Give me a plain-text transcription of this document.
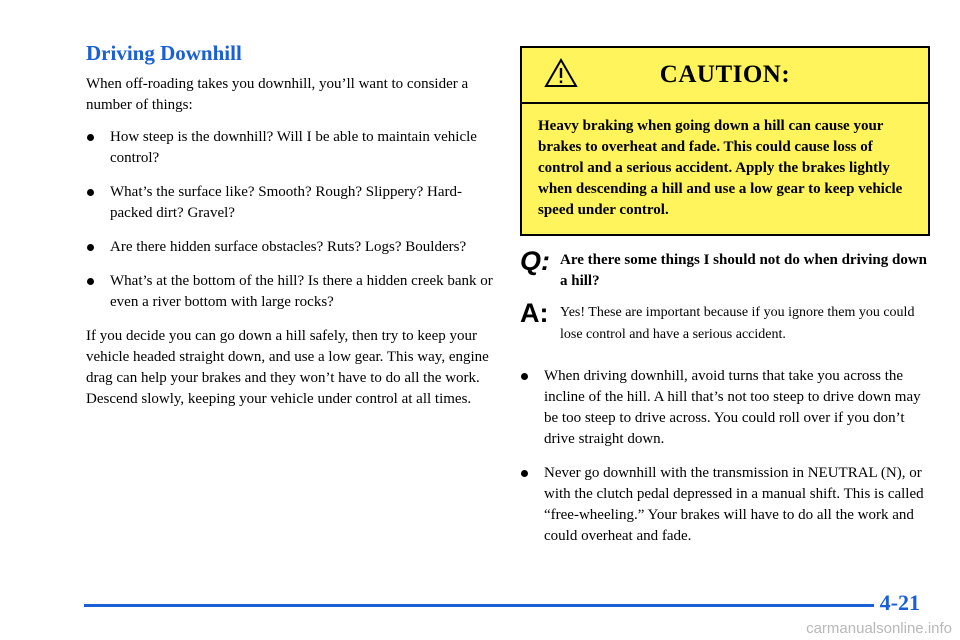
Driving Downhill

When off-roading takes you downhill, you’ll want to consider a number of things:

How steep is the downhill? Will I be able to maintain vehicle control?
What’s the surface like? Smooth? Rough? Slippery? Hard-packed dirt? Gravel?
Are there hidden surface obstacles? Ruts? Logs? Boulders?
What’s at the bottom of the hill? Is there a hidden creek bank or even a river bottom with large rocks?

If you decide you can go down a hill safely, then try to keep your vehicle headed straight down, and use a low gear. This way, engine drag can help your brakes and they won’t have to do all the work. Descend slowly, keeping your vehicle under control at all times.

CAUTION:
Heavy braking when going down a hill can cause your brakes to overheat and fade. This could cause loss of control and a serious accident. Apply the brakes lightly when descending a hill and use a low gear to keep vehicle speed under control.
Q: Are there some things I should not do when driving down a hill?
A: Yes! These are important because if you ignore them you could lose control and have a serious accident.
When driving downhill, avoid turns that take you across the incline of the hill. A hill that’s not too steep to drive down may be too steep to drive across. You could roll over if you don’t drive straight down.
Never go downhill with the transmission in NEUTRAL (N), or with the clutch pedal depressed in a manual shift. This is called “free-wheeling.” Your brakes will have to do all the work and could overheat and fade.
4-21
carmanualsonline.info
